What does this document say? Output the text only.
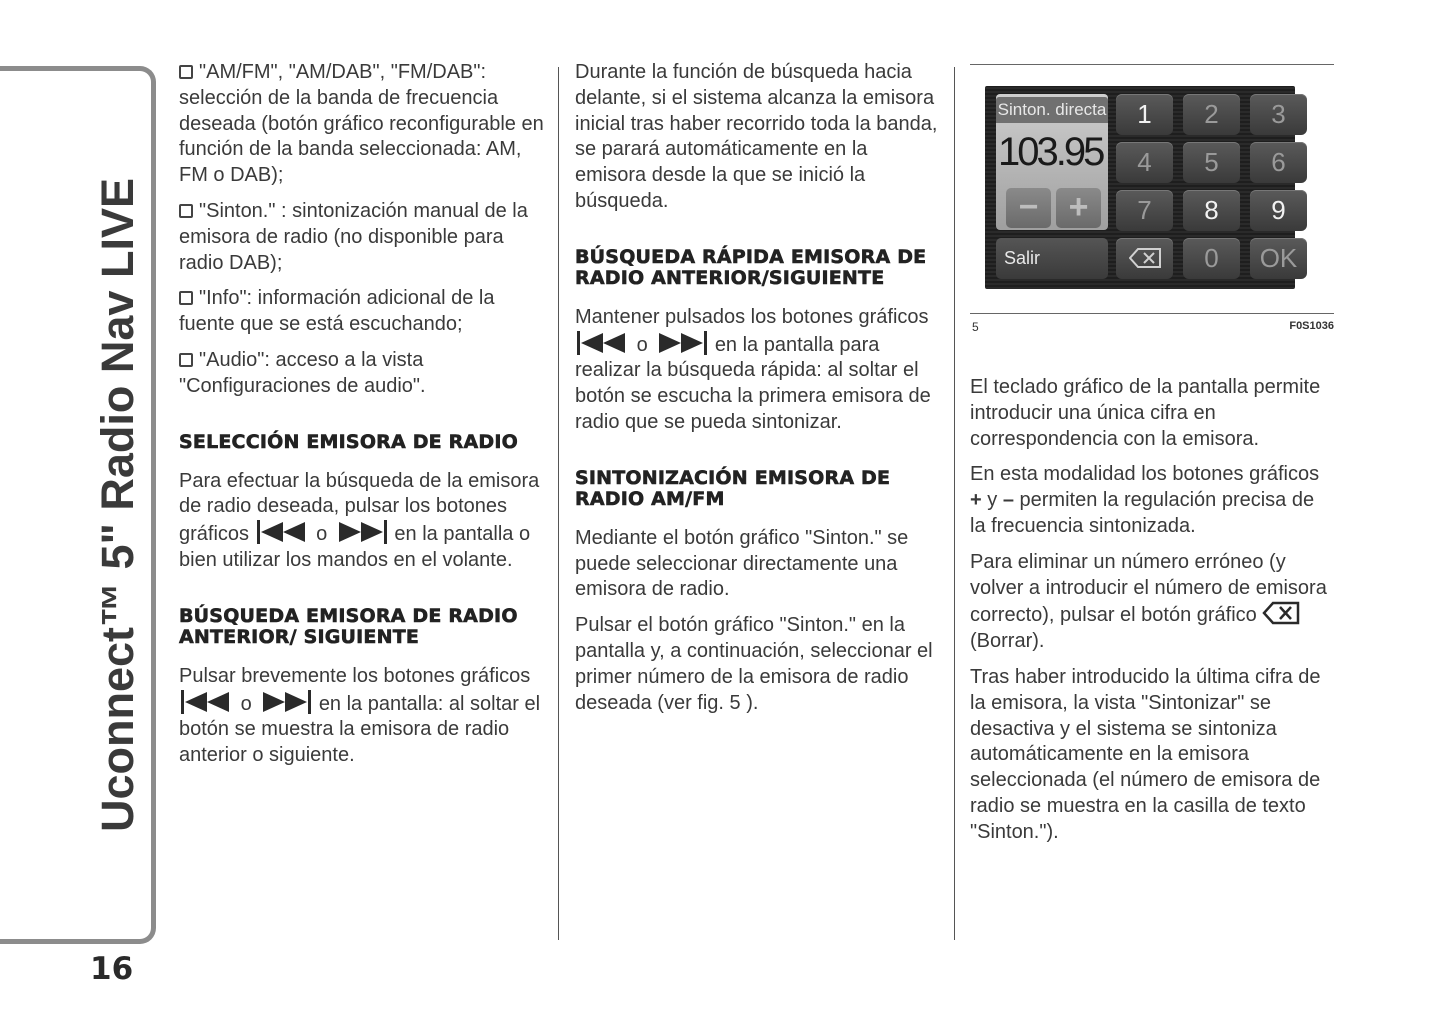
Uconnect™ 5" Radio Nav LIVE
16

"AM/FM", "AM/DAB", "FM/DAB": selección de la banda de frecuencia deseada (botón gráfico reconfigurable en función de la banda seleccionada: AM, FM o DAB);

"Sinton." : sintonización manual de la emisora de radio (no disponible para radio DAB);

"Info": información adicional de la fuente que se está escuchando;

"Audio": acceso a la vista "Configuraciones de audio".

SELECCIÓN EMISORA DE RADIO

Para efectuar la búsqueda de la emisora de radio deseada, pulsar los botones gráficos	o	en la pantalla o bien utilizar los mandos en el volante.

BÚSQUEDA EMISORA DE RADIO ANTERIOR/ SIGUIENTE

Pulsar brevemente los botones gráficos  o	en la pantalla: al soltar el botón se muestra la emisora de radio anterior o siguiente.

Durante la función de búsqueda hacia delante, si el sistema alcanza la emisora inicial tras haber recorrido toda la banda, se parará automáticamente en la emisora desde la que se inició la búsqueda.

BÚSQUEDA RÁPIDA EMISORA DE RADIO ANTERIOR/SIGUIENTE

Mantener pulsados los botones gráficos  o	en la pantalla para realizar la búsqueda rápida: al soltar el botón se escucha la primera emisora de radio que se pueda sintonizar.

SINTONIZACIÓN EMISORA DE RADIO AM/FM

Mediante el botón gráfico "Sinton." se puede seleccionar directamente una emisora de radio.

Pulsar el botón gráfico "Sinton." en la pantalla y, a continuación, seleccionar el primer número de la emisora de radio deseada (ver fig. 5 ).

Sinton. directa
103.95
− +
Salir
1	2	3
4	5	6
7	8	9
0	OK
5	F0S1036

El teclado gráfico de la pantalla permite introducir una única cifra en correspondencia con la emisora.

En esta modalidad los botones gráficos + y – permiten la regulación precisa de la frecuencia sintonizada.

Para eliminar un número erróneo (y volver a introducir el número de emisora correcto), pulsar el botón gráfico  (Borrar).

Tras haber introducido la última cifra de la emisora, la vista "Sintonizar" se desactiva y el sistema se sintoniza automáticamente en la emisora seleccionada (el número de emisora de radio se muestra en la casilla de texto "Sinton.").
